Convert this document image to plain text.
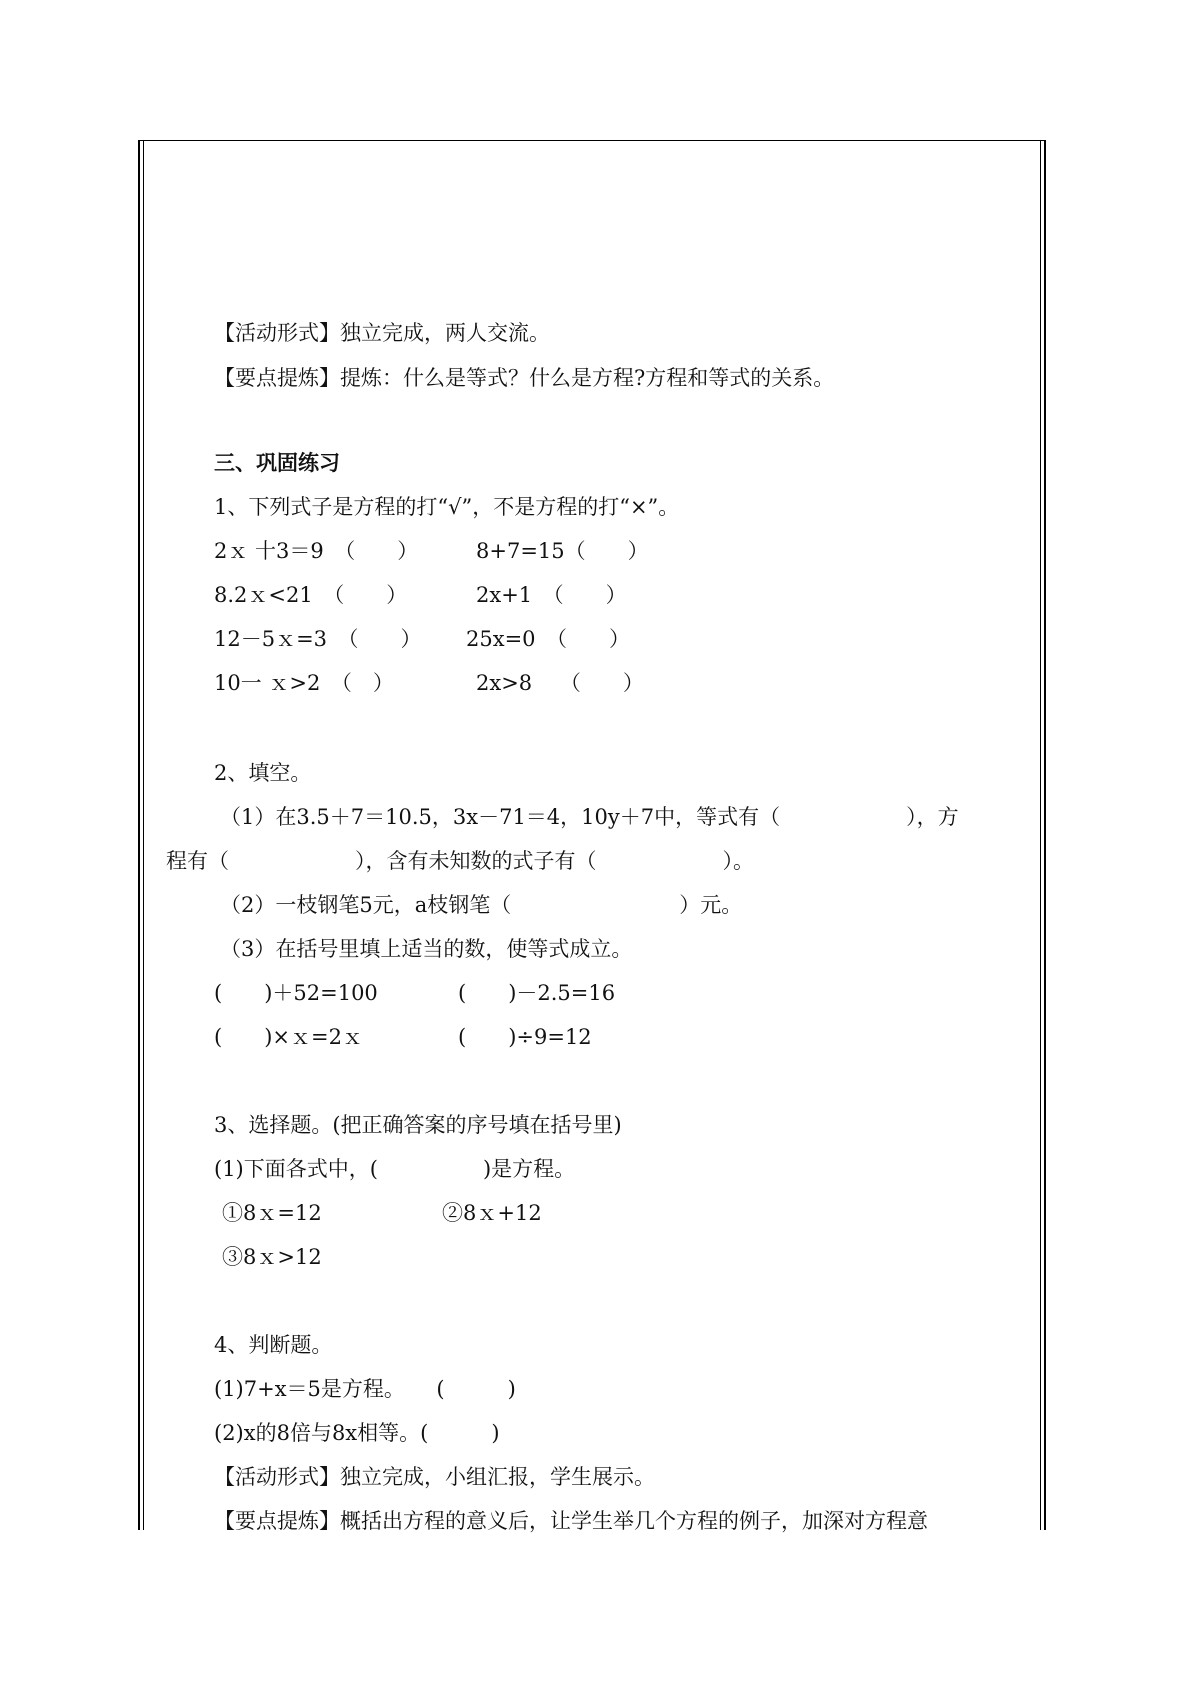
【活动形式】独立完成，两人交流。
【要点提炼】提炼：什么是等式？什么是方程?方程和等式的关系。
三、巩固练习
1、下列式子是方程的打“√”，不是方程的打“×”。
2ｘ 十3＝9　（　　）	8+7=15（　　）
8.2ｘ<21　（　　）	2x+1　（　　）
12－5ｘ=3　（　　） 25x=0　（　　）
10一 ｘ>2　（　）	2x>8　 （　　）
2、填空。
（1）在3.5＋7＝10.5，3x－71＝4，10y＋7中，等式有（　　　　　　），方
程有（　　　　　　），含有未知数的式子有（　　　　　　）。
（2）一枝钢笔5元，a枝钢笔（　　　　　　　　）元。
（3）在括号里填上适当的数，使等式成立。
(　　)＋52=100	(　　)－2.5=16
(　　)×ｘ=2ｘ	(　　)÷9=12
3、选择题。(把正确答案的序号填在括号里)
(1)下面各式中，(　　　　　)是方程。
①8ｘ=12	②8ｘ+12
③8ｘ>12
4、判断题。
(1)7+x＝5是方程。　　(　　　)
(2)x的8倍与8x相等。(　　　)
【活动形式】独立完成，小组汇报，学生展示。
【要点提炼】概括出方程的意义后，让学生举几个方程的例子，加深对方程意
